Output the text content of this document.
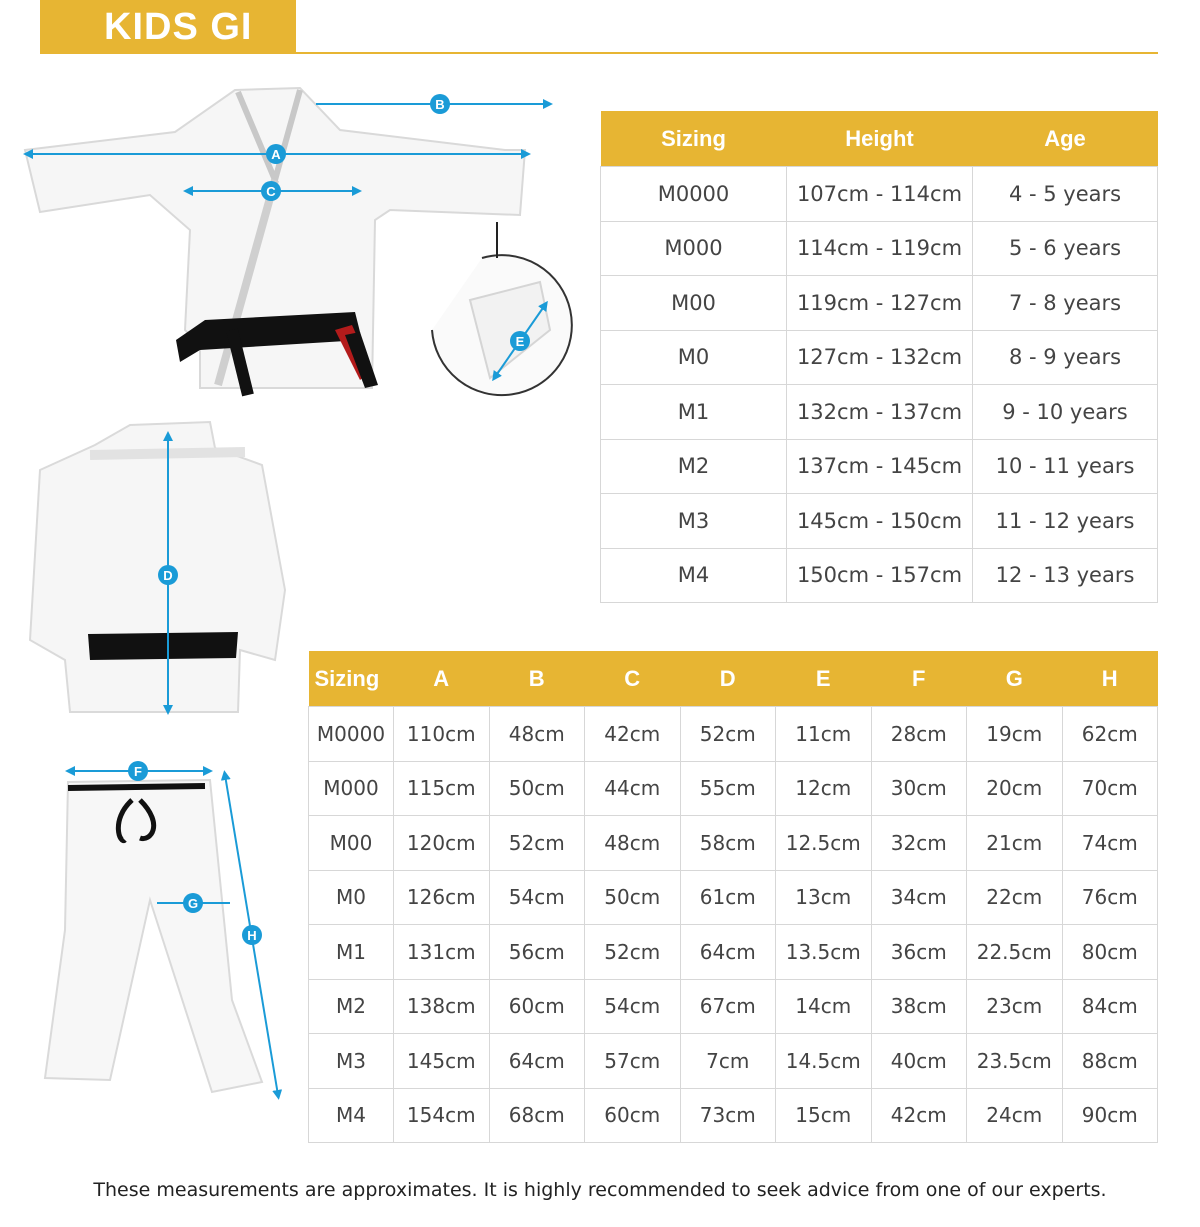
KIDS GI
B
A
C
E
D
F
G
H
Sizing	Height	Age
M0000	107cm - 114cm	4 - 5 years
M000	114cm - 119cm	5 - 6 years
M00	119cm - 127cm	7 - 8 years
M0	127cm - 132cm	8 - 9 years
M1	132cm - 137cm	9 - 10 years
M2	137cm - 145cm	10 - 11 years
M3	145cm - 150cm	11 - 12 years
M4	150cm - 157cm	12 - 13 years
Sizing	A	B	C	D	E	F	G	H
M0000	110cm	48cm	42cm	52cm	11cm	28cm	19cm	62cm
M000	115cm	50cm	44cm	55cm	12cm	30cm	20cm	70cm
M00	120cm	52cm	48cm	58cm	12.5cm	32cm	21cm	74cm
M0	126cm	54cm	50cm	61cm	13cm	34cm	22cm	76cm
M1	131cm	56cm	52cm	64cm	13.5cm	36cm	22.5cm	80cm
M2	138cm	60cm	54cm	67cm	14cm	38cm	23cm	84cm
M3	145cm	64cm	57cm	7cm	14.5cm	40cm	23.5cm	88cm
M4	154cm	68cm	60cm	73cm	15cm	42cm	24cm	90cm
These measurements are approximates. It is highly recommended to seek advice from one of our experts.
